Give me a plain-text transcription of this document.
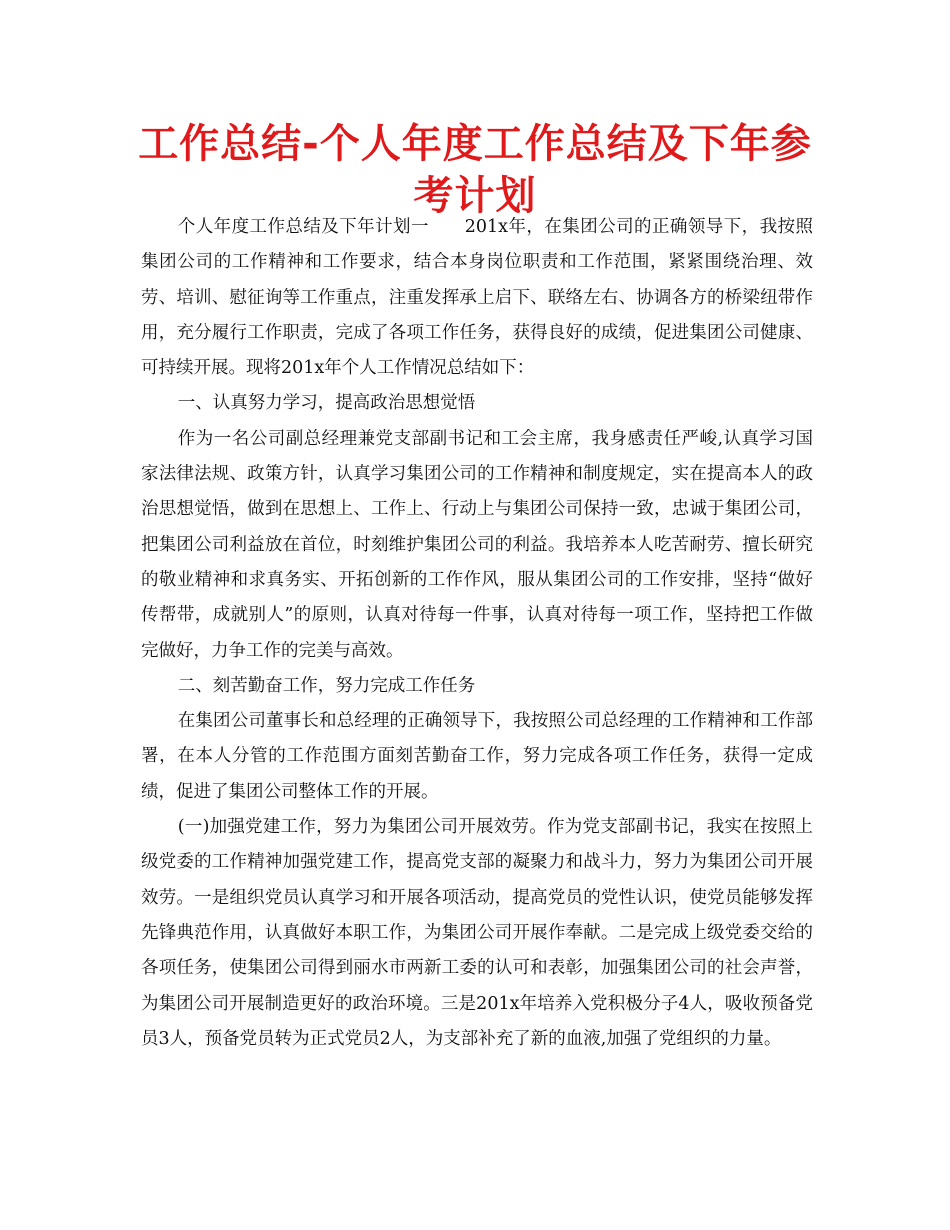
工作总结-个人年度工作总结及下年参考计划

个人年度工作总结及下年计划一　　201x年，在集团公司的正确领导下，我按照集团公司的工作精神和工作要求，结合本身岗位职责和工作范围，紧紧围绕治理、效劳、培训、慰征询等工作重点，注重发挥承上启下、联络左右、协调各方的桥梁纽带作用，充分履行工作职责，完成了各项工作任务，获得良好的成绩，促进集团公司健康、可持续开展。现将201x年个人工作情况总结如下：

一、认真努力学习，提高政治思想觉悟

作为一名公司副总经理兼党支部副书记和工会主席，我身感责任严峻,认真学习国家法律法规、政策方针，认真学习集团公司的工作精神和制度规定，实在提高本人的政治思想觉悟，做到在思想上、工作上、行动上与集团公司保持一致，忠诚于集团公司，把集团公司利益放在首位，时刻维护集团公司的利益。我培养本人吃苦耐劳、擅长研究的敬业精神和求真务实、开拓创新的工作作风，服从集团公司的工作安排，坚持“做好传帮带，成就别人”的原则，认真对待每一件事，认真对待每一项工作，坚持把工作做完做好，力争工作的完美与高效。

二、刻苦勤奋工作，努力完成工作任务

在集团公司董事长和总经理的正确领导下，我按照公司总经理的工作精神和工作部署，在本人分管的工作范围方面刻苦勤奋工作，努力完成各项工作任务，获得一定成绩，促进了集团公司整体工作的开展。

(一)加强党建工作，努力为集团公司开展效劳。作为党支部副书记，我实在按照上级党委的工作精神加强党建工作，提高党支部的凝聚力和战斗力，努力为集团公司开展效劳。一是组织党员认真学习和开展各项活动，提高党员的党性认识，使党员能够发挥先锋典范作用，认真做好本职工作，为集团公司开展作奉献。二是完成上级党委交给的各项任务，使集团公司得到丽水市两新工委的认可和表彰，加强集团公司的社会声誉，为集团公司开展制造更好的政治环境。三是201x年培养入党积极分子4人，吸收预备党员3人，预备党员转为正式党员2人，为支部补充了新的血液,加强了党组织的力量。
